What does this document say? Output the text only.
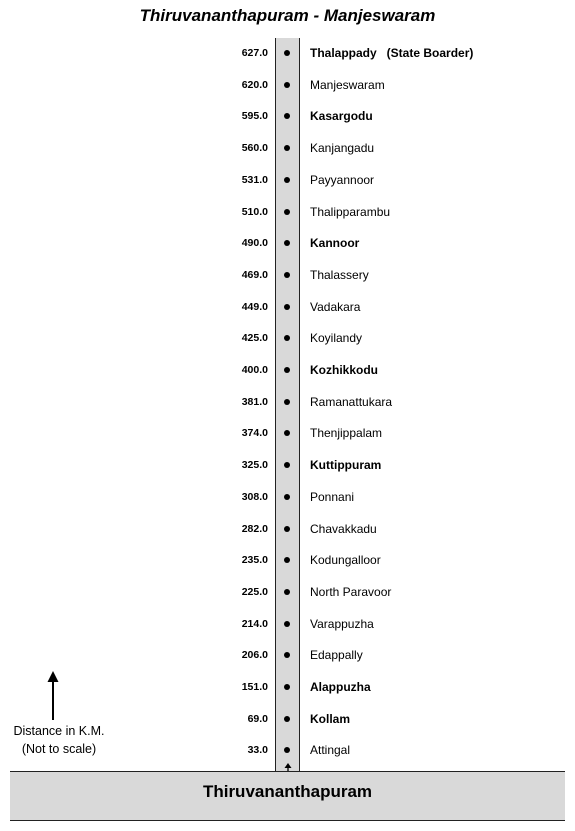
Thiruvananthapuram - Manjeswaram
627.0	Thalappady   (State Boarder)
620.0	Manjeswaram
595.0	Kasargodu
560.0	Kanjangadu
531.0	Payyannoor
510.0	Thalipparambu
490.0	Kannoor
469.0	Thalassery
449.0	Vadakara
425.0	Koyilandy
400.0	Kozhikkodu
381.0	Ramanattukara
374.0	Thenjippalam
325.0	Kuttippuram
308.0	Ponnani
282.0	Chavakkadu
235.0	Kodungalloor
225.0	North Paravoor
214.0	Varappuzha
206.0	Edappally
151.0	Alappuzha
69.0	Kollam
33.0	Attingal
Thiruvananthapuram
Distance in K.M.
(Not to scale)
